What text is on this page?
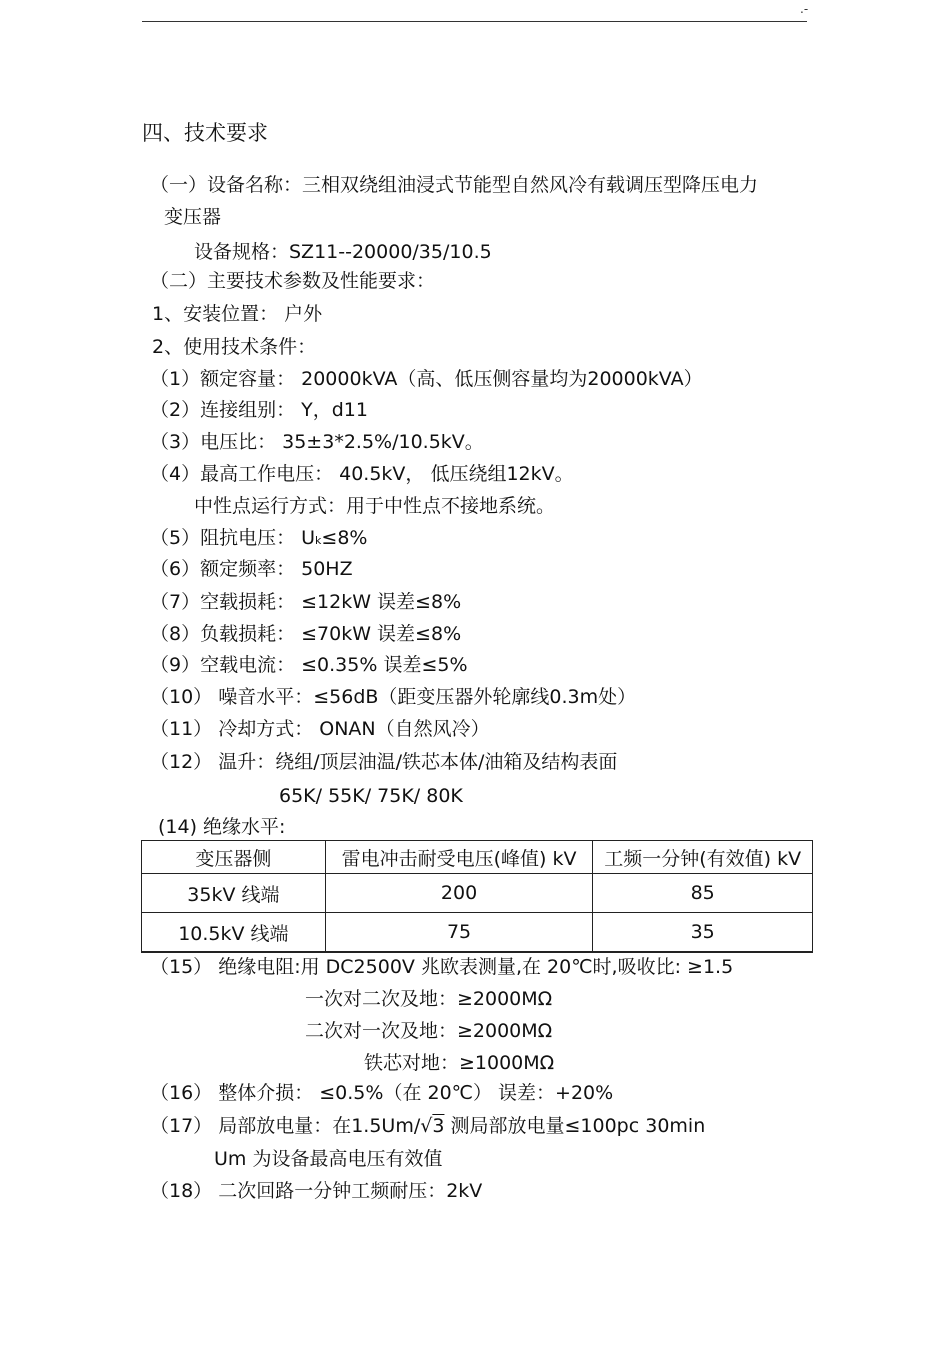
.-
四、技术要求
（一）设备名称：三相双绕组油浸式节能型自然风冷有载调压型降压电力
变压器
设备规格：SZ11--20000/35/10.5
（二）主要技术参数及性能要求：
1、安装位置： 户外
2、使用技术条件：
（1）额定容量： 20000kVA（高、低压侧容量均为20000kVA）
（2）连接组别： Y，d11
（3）电压比： 35±3*2.5%/10.5kV。
（4）最高工作电压： 40.5kV， 低压绕组12kV。
中性点运行方式：用于中性点不接地系统。
（5）阻抗电压： Uk≤8%
（6）额定频率： 50HZ
（7）空载损耗： ≤12kW 误差≤8%
（8）负载损耗： ≤70kW 误差≤8%
（9）空载电流： ≤0.35% 误差≤5%
（10） 噪音水平：≤56dB（距变压器外轮廓线0.3m处）
（11） 冷却方式： ONAN（自然风冷）
（12） 温升：绕组/顶层油温/铁芯本体/油箱及结构表面
65K/ 55K/ 75K/ 80K
(14) 绝缘水平:
变压器侧	雷电冲击耐受电压(峰值) kV	工频一分钟(有效值) kV
35kV 线端	200	85
10.5kV 线端	75	35
（15） 绝缘电阻:用 DC2500V 兆欧表测量,在 20℃时,吸收比: ≥1.5
一次对二次及地：≥2000MΩ
二次对一次及地：≥2000MΩ
铁芯对地：≥1000MΩ
（16） 整体介损： ≤0.5%（在 20℃） 误差：+20%
（17） 局部放电量：在1.5Um/√3 测局部放电量≤100pc 30min
Um 为设备最高电压有效值
（18） 二次回路一分钟工频耐压：2kV
